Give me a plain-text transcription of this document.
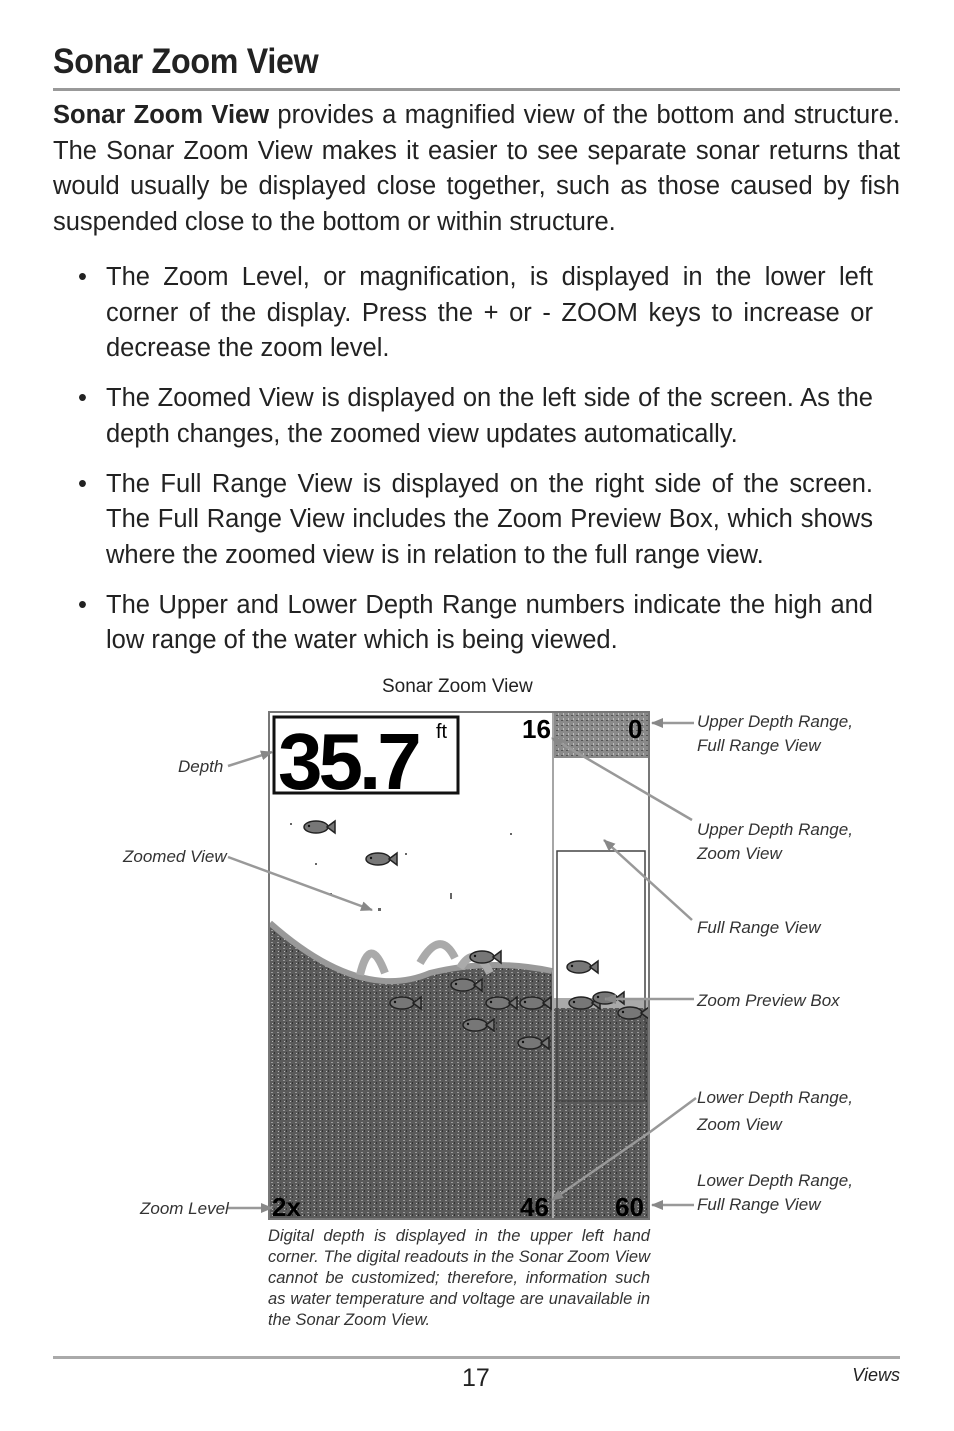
Sonar Zoom View
Sonar Zoom View provides a magnified view of the bottom and structure. The Sonar Zoom View makes it easier to see separate sonar returns that would usually be displayed close together, such as those caused by fish suspended close to the bottom or within structure.
• The Zoom Level, or magnification, is displayed in the lower left corner of the display. Press the + or - ZOOM keys to increase or decrease the zoom level.
• The Zoomed View is displayed on the left side of the screen. As the depth changes, the zoomed view updates automatically.
• The Full Range View is displayed on the right side of the screen. The Full Range View includes the Zoom Preview Box, which shows where the zoomed view is in relation to the full range view.
• The Upper and Lower Depth Range numbers indicate the high and low range of the water which is being viewed.
Sonar Zoom View
35.7 ft	16	0
2x	46	60
Depth
Zoomed View
Zoom Level
Upper Depth Range,
Full Range View
Upper Depth Range,
Zoom View
Full Range View
Zoom Preview Box
Lower Depth Range,
Zoom View
Lower Depth Range,
Full Range View
Digital depth is displayed in the upper left hand corner. The digital readouts in the Sonar Zoom View cannot be customized; therefore, information such as water temperature and voltage are unavailable in the Sonar Zoom View.
17	Views
